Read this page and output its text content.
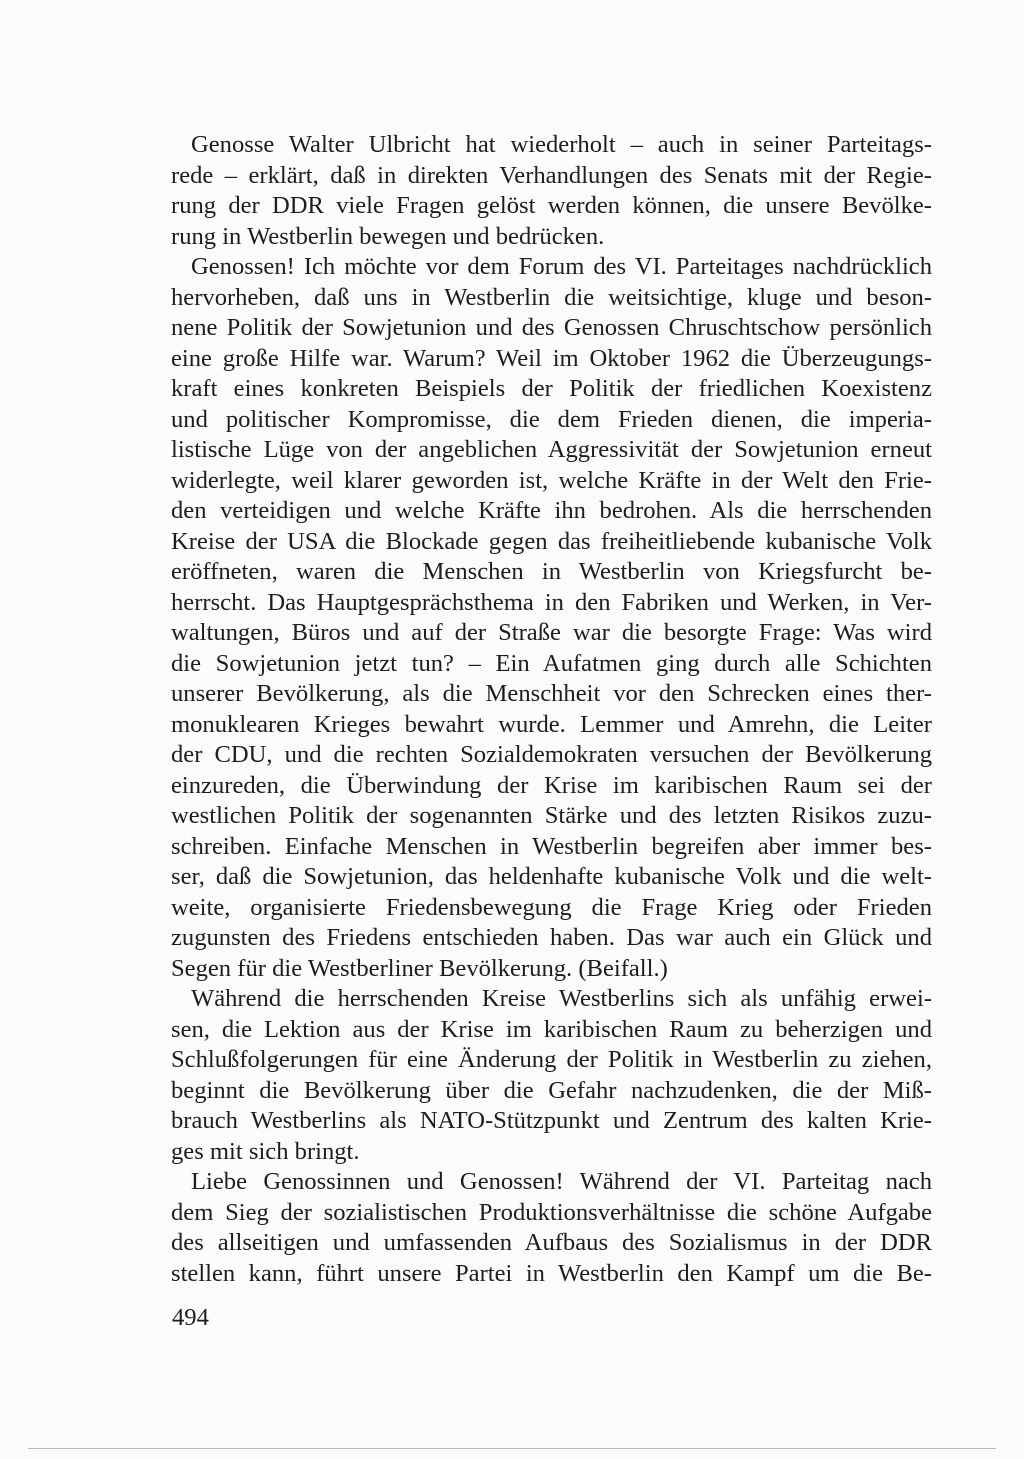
Genosse Walter Ulbricht hat wiederholt – auch in seiner Parteitags-
rede – erklärt, daß in direkten Verhandlungen des Senats mit der Regie-
rung der DDR viele Fragen gelöst werden können, die unsere Bevölke-
rung in Westberlin bewegen und bedrücken.

Genossen! Ich möchte vor dem Forum des VI. Parteitages nachdrücklich
hervorheben, daß uns in Westberlin die weitsichtige, kluge und beson-
nene Politik der Sowjetunion und des Genossen Chruschtschow persönlich
eine große Hilfe war. Warum? Weil im Oktober 1962 die Überzeugungs-
kraft eines konkreten Beispiels der Politik der friedlichen Koexistenz
und politischer Kompromisse, die dem Frieden dienen, die imperia-
listische Lüge von der angeblichen Aggressivität der Sowjetunion erneut
widerlegte, weil klarer geworden ist, welche Kräfte in der Welt den Frie-
den verteidigen und welche Kräfte ihn bedrohen. Als die herrschenden
Kreise der USA die Blockade gegen das freiheitliebende kubanische Volk
eröffneten, waren die Menschen in Westberlin von Kriegsfurcht be-
herrscht. Das Hauptgesprächsthema in den Fabriken und Werken, in Ver-
waltungen, Büros und auf der Straße war die besorgte Frage: Was wird
die Sowjetunion jetzt tun? – Ein Aufatmen ging durch alle Schichten
unserer Bevölkerung, als die Menschheit vor den Schrecken eines ther-
monuklearen Krieges bewahrt wurde. Lemmer und Amrehn, die Leiter
der CDU, und die rechten Sozialdemokraten versuchen der Bevölkerung
einzureden, die Überwindung der Krise im karibischen Raum sei der
westlichen Politik der sogenannten Stärke und des letzten Risikos zuzu-
schreiben. Einfache Menschen in Westberlin begreifen aber immer bes-
ser, daß die Sowjetunion, das heldenhafte kubanische Volk und die welt-
weite, organisierte Friedensbewegung die Frage Krieg oder Frieden
zugunsten des Friedens entschieden haben. Das war auch ein Glück und
Segen für die Westberliner Bevölkerung. (Beifall.)

Während die herrschenden Kreise Westberlins sich als unfähig erwei-
sen, die Lektion aus der Krise im karibischen Raum zu beherzigen und
Schlußfolgerungen für eine Änderung der Politik in Westberlin zu ziehen,
beginnt die Bevölkerung über die Gefahr nachzudenken, die der Miß-
brauch Westberlins als NATO-Stützpunkt und Zentrum des kalten Krie-
ges mit sich bringt.

Liebe Genossinnen und Genossen! Während der VI. Parteitag nach
dem Sieg der sozialistischen Produktionsverhältnisse die schöne Aufgabe
des allseitigen und umfassenden Aufbaus des Sozialismus in der DDR
stellen kann, führt unsere Partei in Westberlin den Kampf um die Be-

494
